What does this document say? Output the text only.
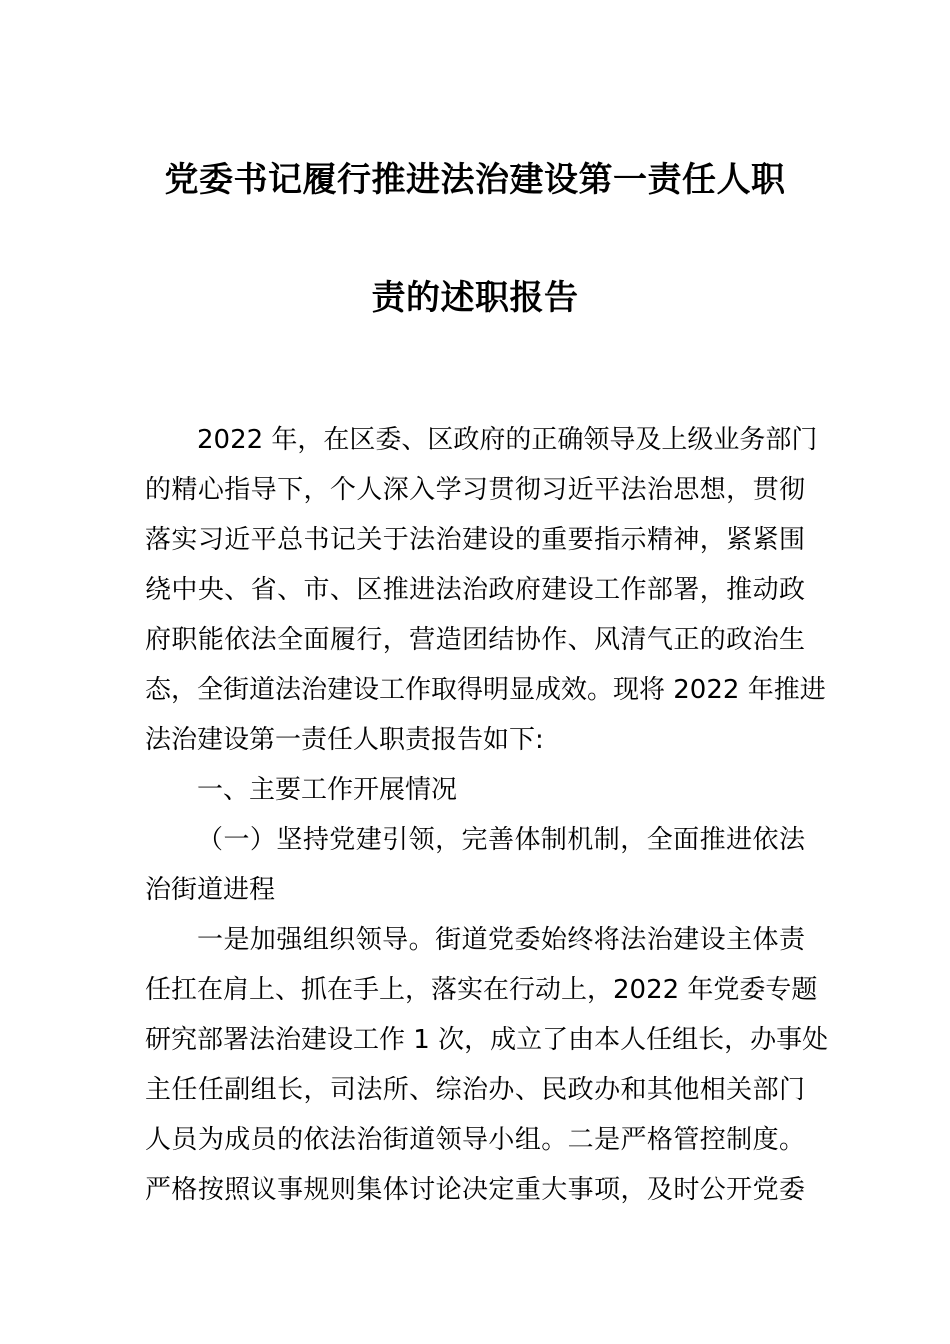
党委书记履行推进法治建设第一责任人职
责的述职报告
2022 年，在区委、区政府的正确领导及上级业务部门
的精心指导下，个人深入学习贯彻习近平法治思想，贯彻
落实习近平总书记关于法治建设的重要指示精神，紧紧围
绕中央、省、市、区推进法治政府建设工作部署，推动政
府职能依法全面履行，营造团结协作、风清气正的政治生
态，全街道法治建设工作取得明显成效。现将 2022 年推进
法治建设第一责任人职责报告如下:
一、主要工作开展情况
（一）坚持党建引领，完善体制机制，全面推进依法
治街道进程
一是加强组织领导。街道党委始终将法治建设主体责
任扛在肩上、抓在手上，落实在行动上，2022 年党委专题
研究部署法治建设工作 1 次，成立了由本人任组长，办事处
主任任副组长，司法所、综治办、民政办和其他相关部门
人员为成员的依法治街道领导小组。二是严格管控制度。
严格按照议事规则集体讨论决定重大事项，及时公开党委
